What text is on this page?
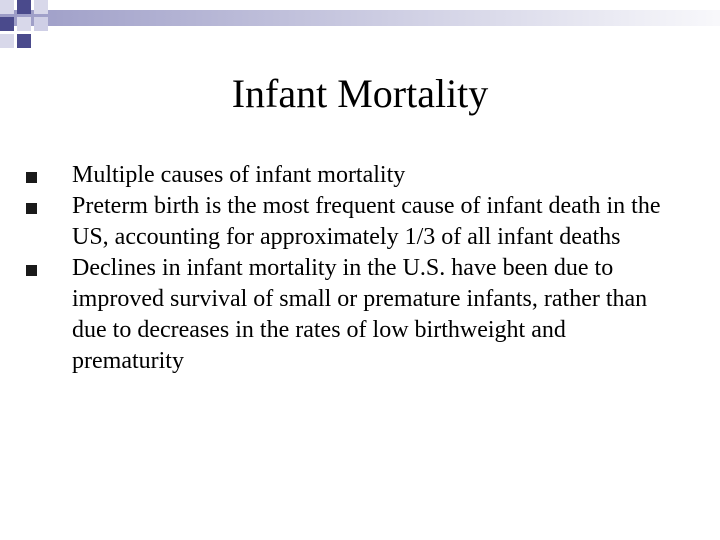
Infant Mortality
Multiple causes of infant mortality
Preterm birth is the most frequent cause of infant death in the US, accounting for approximately 1/3 of all infant deaths
Declines in infant mortality in the U.S. have been due to improved survival of small or premature infants, rather than due to decreases in the rates of low birthweight and prematurity
